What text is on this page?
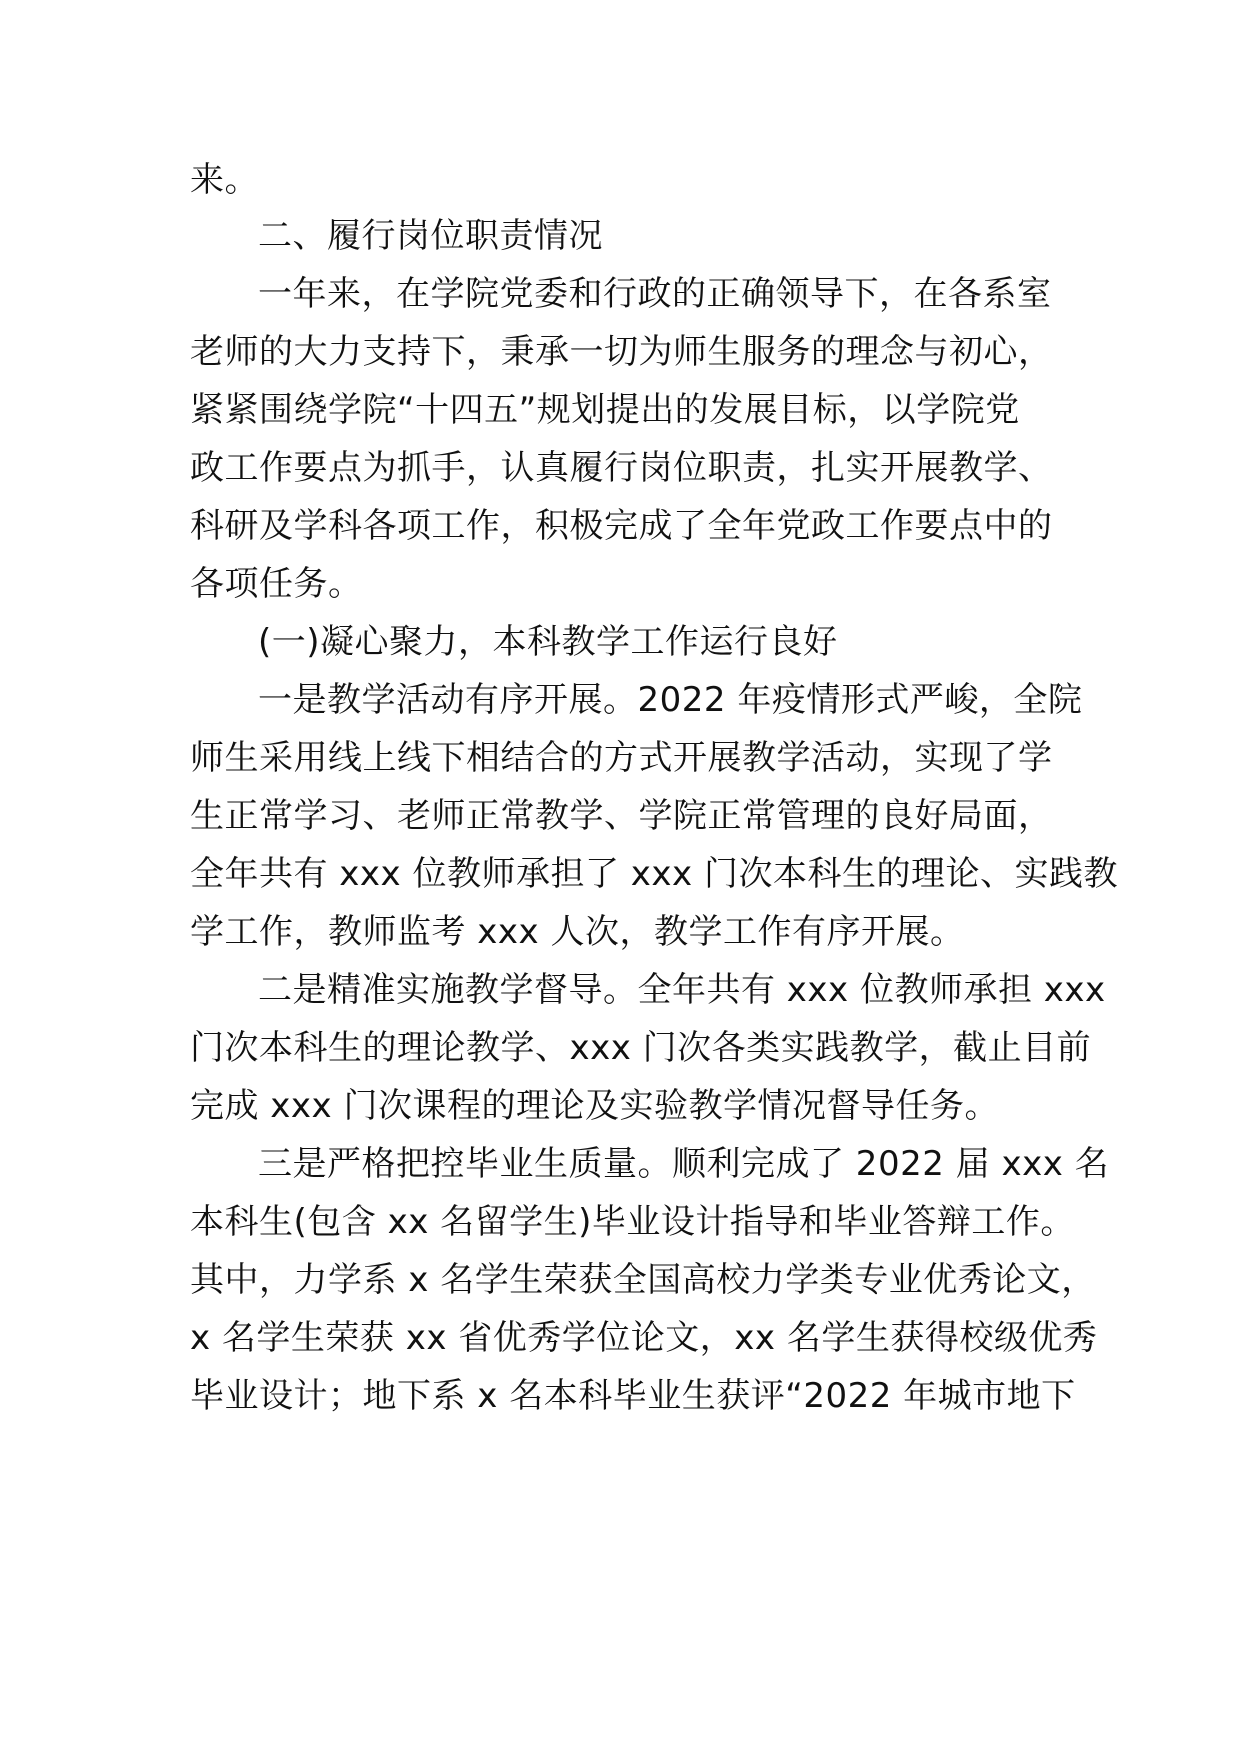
来。
二、履行岗位职责情况
一年来，在学院党委和行政的正确领导下，在各系室
老师的大力支持下，秉承一切为师生服务的理念与初心，
紧紧围绕学院“十四五”规划提出的发展目标，以学院党
政工作要点为抓手，认真履行岗位职责，扎实开展教学、
科研及学科各项工作，积极完成了全年党政工作要点中的
各项任务。
(一)凝心聚力，本科教学工作运行良好
一是教学活动有序开展。2022 年疫情形式严峻，全院
师生采用线上线下相结合的方式开展教学活动，实现了学
生正常学习、老师正常教学、学院正常管理的良好局面，
全年共有 xxx 位教师承担了 xxx 门次本科生的理论、实践教
学工作，教师监考 xxx 人次，教学工作有序开展。
二是精准实施教学督导。全年共有 xxx 位教师承担 xxx
门次本科生的理论教学、xxx 门次各类实践教学，截止目前
完成 xxx 门次课程的理论及实验教学情况督导任务。
三是严格把控毕业生质量。顺利完成了 2022 届 xxx 名
本科生(包含 xx 名留学生)毕业设计指导和毕业答辩工作。
其中，力学系 x 名学生荣获全国高校力学类专业优秀论文，
x 名学生荣获 xx 省优秀学位论文，xx 名学生获得校级优秀
毕业设计；地下系 x 名本科毕业生获评“2022 年城市地下
